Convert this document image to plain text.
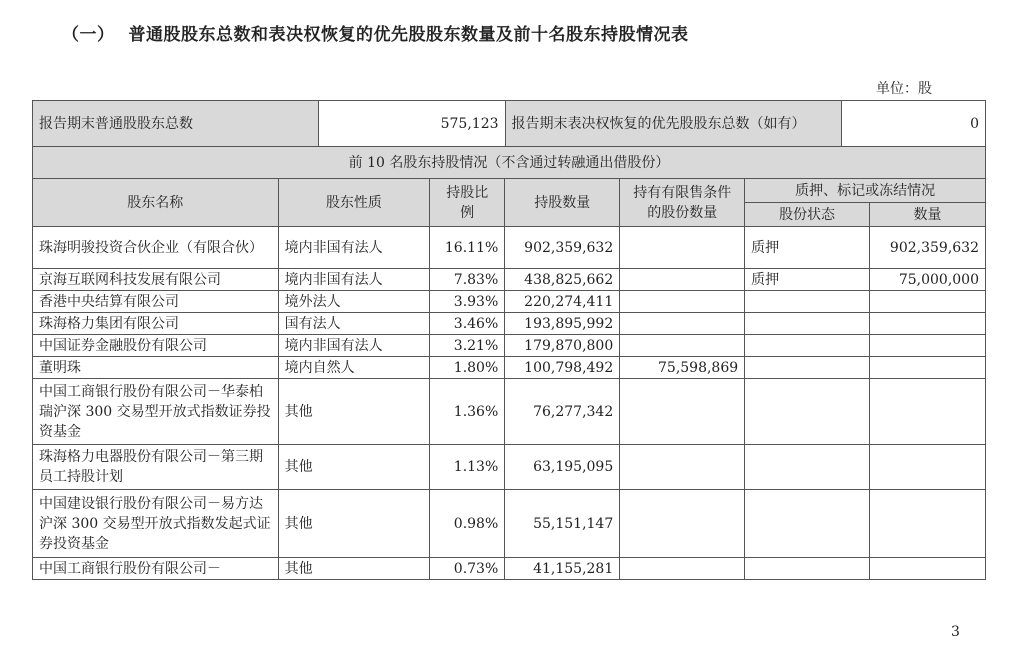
（一） 普通股股东总数和表决权恢复的优先股股东数量及前十名股东持股情况表
单位：股
报告期末普通股股东总数	575,123	报告期末表决权恢复的优先股股东总数（如有）	0
前 10 名股东持股情况（不含通过转融通出借股份）						
股东名称	股东性质	持股比例	持股数量	持有有限售条件的股份数量	质押、标记或冻结情况	
					股份状态	数量
珠海明骏投资合伙企业（有限合伙）	境内非国有法人	16.11%	902,359,632		质押	902,359,632
京海互联网科技发展有限公司	境内非国有法人	7.83%	438,825,662		质押	75,000,000
香港中央结算有限公司	境外法人	3.93%	220,274,411			
珠海格力集团有限公司	国有法人	3.46%	193,895,992			
中国证券金融股份有限公司	境内非国有法人	3.21%	179,870,800			
董明珠	境内自然人	1.80%	100,798,492	75,598,869		
中国工商银行股份有限公司－华泰柏瑞沪深 300 交易型开放式指数证券投资基金	其他	1.36%	76,277,342			
珠海格力电器股份有限公司－第三期员工持股计划	其他	1.13%	63,195,095			
中国建设银行股份有限公司－易方达沪深 300 交易型开放式指数发起式证券投资基金	其他	0.98%	55,151,147			
中国工商银行股份有限公司－	其他	0.73%	41,155,281			
3
